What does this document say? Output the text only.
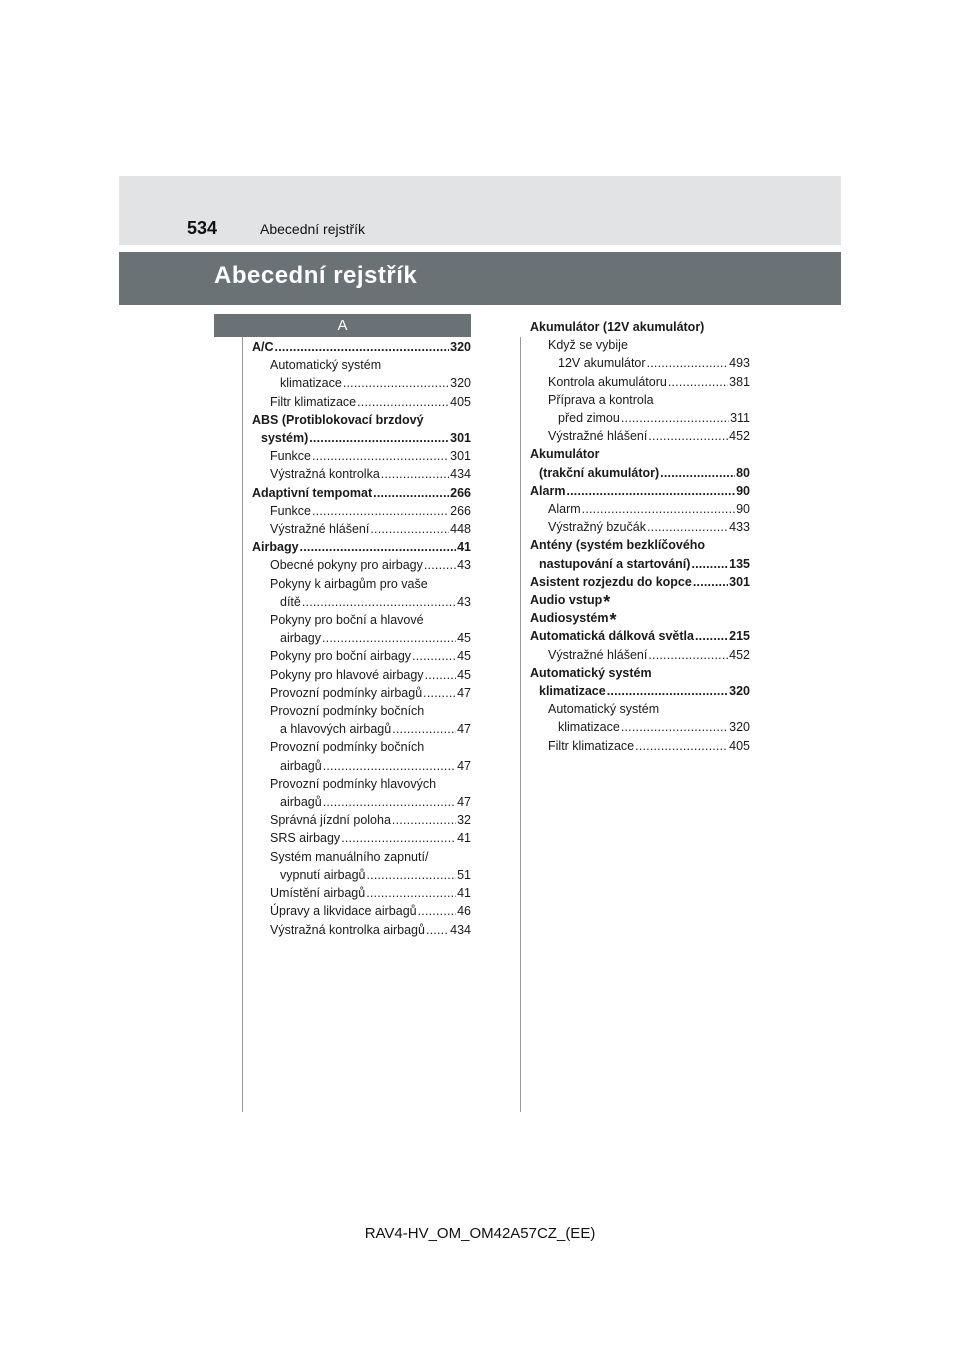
534	Abecední rejstřík
Abecední rejstřík
A
A/C .....	320
Automatický systém
klimatizace .....	320
Filtr klimatizace .....	405
ABS (Protiblokovací brzdový
systém) .....	301
Funkce .....	301
Výstražná kontrolka .....	434
Adaptivní tempomat .....	266
Funkce .....	266
Výstražné hlášení .....	448
Airbagy .....	41
Obecné pokyny pro airbagy .....	43
Pokyny k airbagům pro vaše
dítě .....	43
Pokyny pro boční a hlavové
airbagy .....	45
Pokyny pro boční airbagy .....	45
Pokyny pro hlavové airbagy .....	45
Provozní podmínky airbagů .....	47
Provozní podmínky bočních
a hlavových airbagů .....	47
Provozní podmínky bočních
airbagů .....	47
Provozní podmínky hlavových
airbagů .....	47
Správná jízdní poloha .....	32
SRS airbagy .....	41
Systém manuálního zapnutí/
vypnutí airbagů .....	51
Umístění airbagů .....	41
Úpravy a likvidace airbagů .....	46
Výstražná kontrolka airbagů ..... 434
Akumulátor (12V akumulátor)
Když se vybije
12V akumulátor .....	493
Kontrola akumulátoru .....	381
Příprava a kontrola
před zimou .....	311
Výstražné hlášení .....	452
Akumulátor
(trakční akumulátor) .....	80
Alarm .....	90
Alarm .....	90
Výstražný bzučák .....	433
Antény (systém bezklíčového
nastupování a startování) .....	135
Asistent rozjezdu do kopce .....	301
Audio vstup *
Audiosystém *
Automatická dálková světla .....	215
Výstražné hlášení .....	452
Automatický systém
klimatizace .....	320
Automatický systém
klimatizace .....	320
Filtr klimatizace .....	405
RAV4-HV_OM_OM42A57CZ_(EE)
